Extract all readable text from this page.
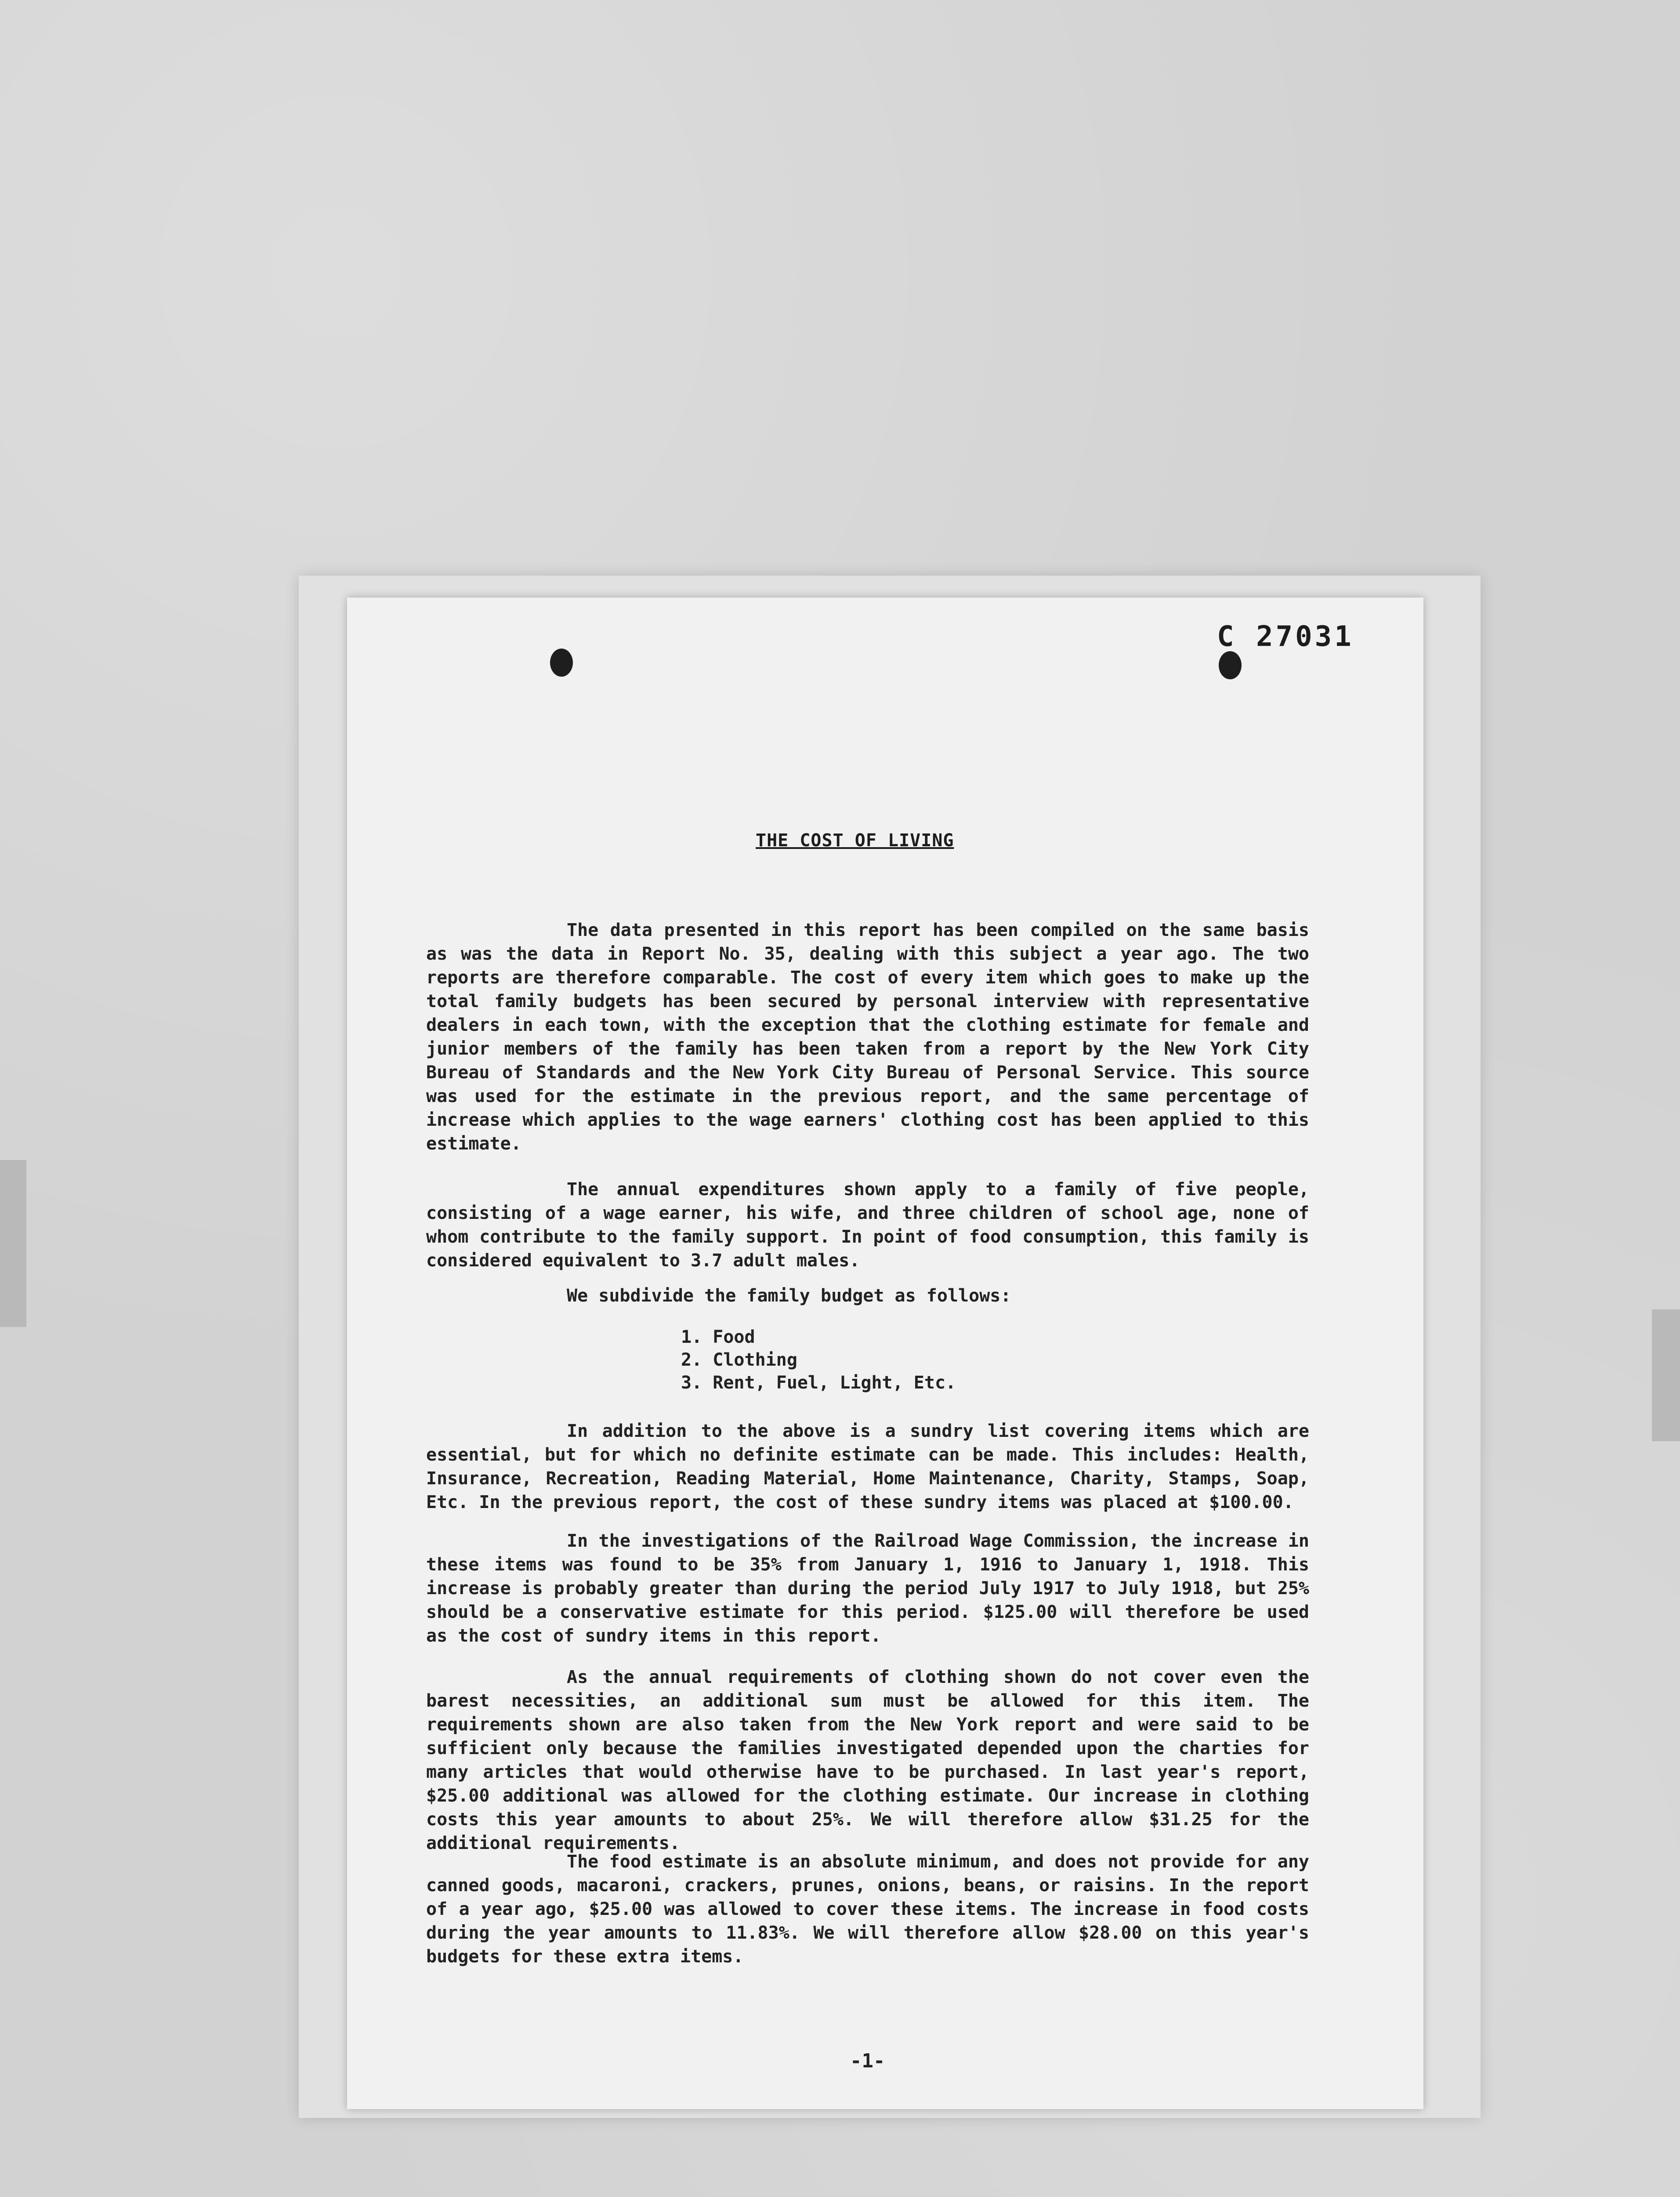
C 27031
THE COST OF LIVING

The data presented in this report has been compiled on the same basis as was the data in Report No. 35, dealing with this subject a year ago. The two reports are therefore comparable. The cost of every item which goes to make up the total family budgets has been secured by personal interview with representative dealers in each town, with the exception that the clothing estimate for female and junior members of the family has been taken from a report by the New York City Bureau of Standards and the New York City Bureau of Personal Service. This source was used for the estimate in the previous report, and the same percentage of increase which applies to the wage earners' clothing cost has been applied to this estimate.

The annual expenditures shown apply to a family of five people, consisting of a wage earner, his wife, and three children of school age, none of whom contribute to the family support. In point of food consumption, this family is considered equivalent to 3.7 adult males.

We subdivide the family budget as follows:
1. Food
2. Clothing
3. Rent, Fuel, Light, Etc.

In addition to the above is a sundry list covering items which are essential, but for which no definite estimate can be made. This includes: Health, Insurance, Recreation, Reading Material, Home Maintenance, Charity, Stamps, Soap, Etc. In the previous report, the cost of these sundry items was placed at $100.00.

In the investigations of the Railroad Wage Commission, the increase in these items was found to be 35% from January 1, 1916 to January 1, 1918. This increase is probably greater than during the period July 1917 to July 1918, but 25% should be a conservative estimate for this period. $125.00 will therefore be used as the cost of sundry items in this report.

As the annual requirements of clothing shown do not cover even the barest necessities, an additional sum must be allowed for this item. The requirements shown are also taken from the New York report and were said to be sufficient only because the families investigated depended upon the charties for many articles that would otherwise have to be purchased. In last year's report, $25.00 additional was allowed for the clothing estimate. Our increase in clothing costs this year amounts to about 25%. We will therefore allow $31.25 for the additional requirements.

The food estimate is an absolute minimum, and does not provide for any canned goods, macaroni, crackers, prunes, onions, beans, or raisins. In the report of a year ago, $25.00 was allowed to cover these items. The increase in food costs during the year amounts to 11.83%. We will therefore allow $28.00 on this year's budgets for these extra items.

-1-
